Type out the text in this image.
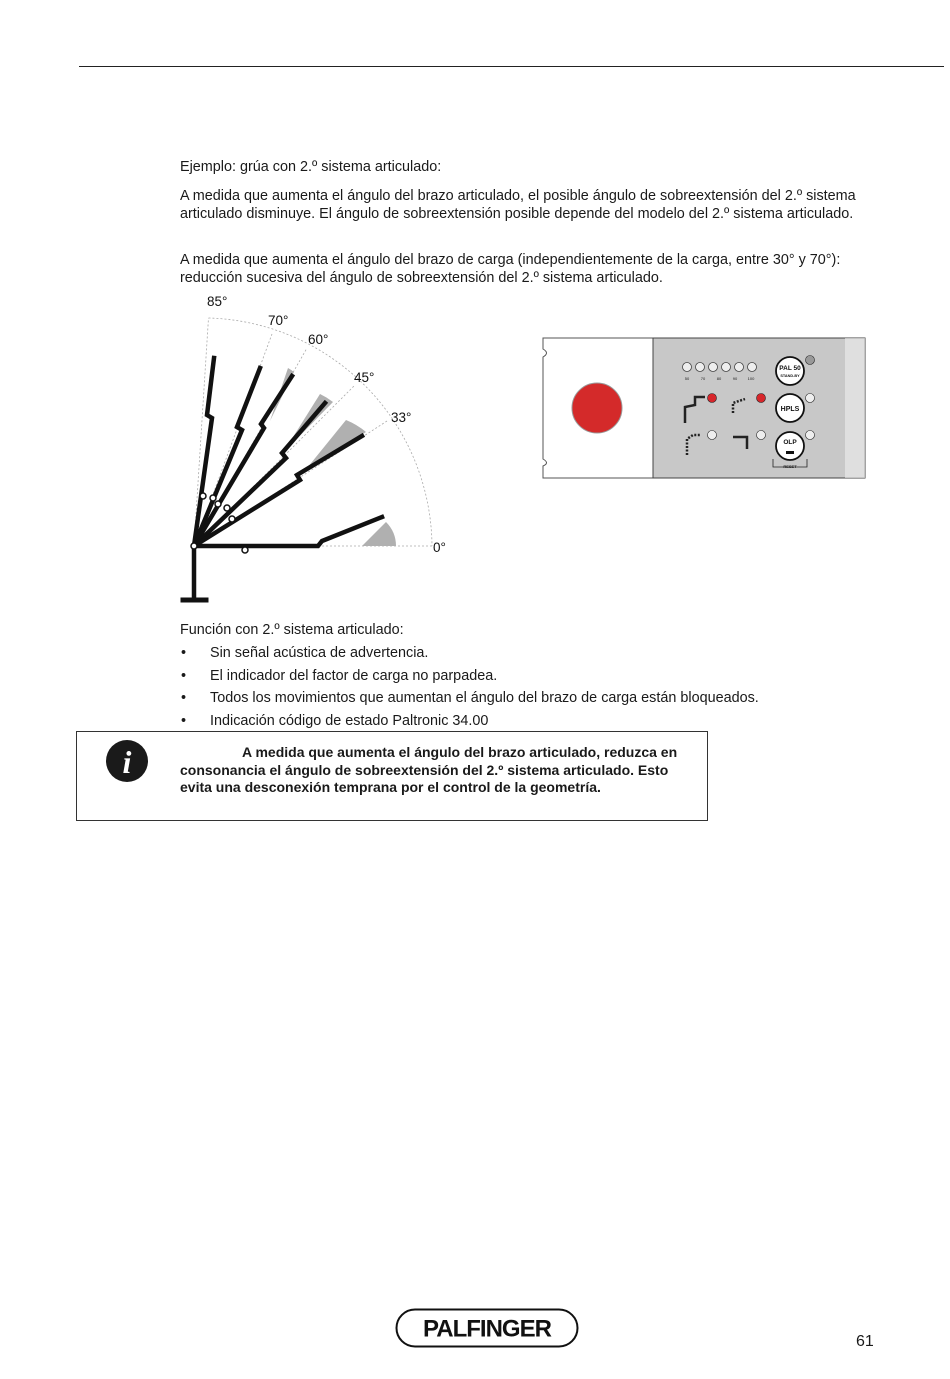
Ejemplo: grúa con 2.º sistema articulado:

A medida que aumenta el ángulo del brazo articulado, el posible ángulo de sobreextensión del 2.º sistema articulado disminuye. El ángulo de sobreextensión posible depende del modelo del 2.º sistema articulado.

A medida que aumenta el ángulo del brazo de carga (independientemente de la carga, entre 30° y 70°): reducción sucesiva del ángulo de sobreextensión del 2.º sistema articulado.

85°
70°
60°
45°
33°
0°
50	70	80	90	100
PAL 50
STAND-BY
HPLS
OLP
RESET

Función con 2.º sistema articulado:

• Sin señal acústica de advertencia.
• El indicador del factor de carga no parpadea.
• Todos los movimientos que aumentan el ángulo del brazo de carga están bloqueados.
• Indicación código de estado Paltronic 34.00
i	A medida que aumenta el ángulo del brazo articulado, reduzca en consonancia el ángulo de sobreextensión del 2.º sistema articulado. Esto evita una desconexión temprana por el control de la geometría.

PALFINGER	61
